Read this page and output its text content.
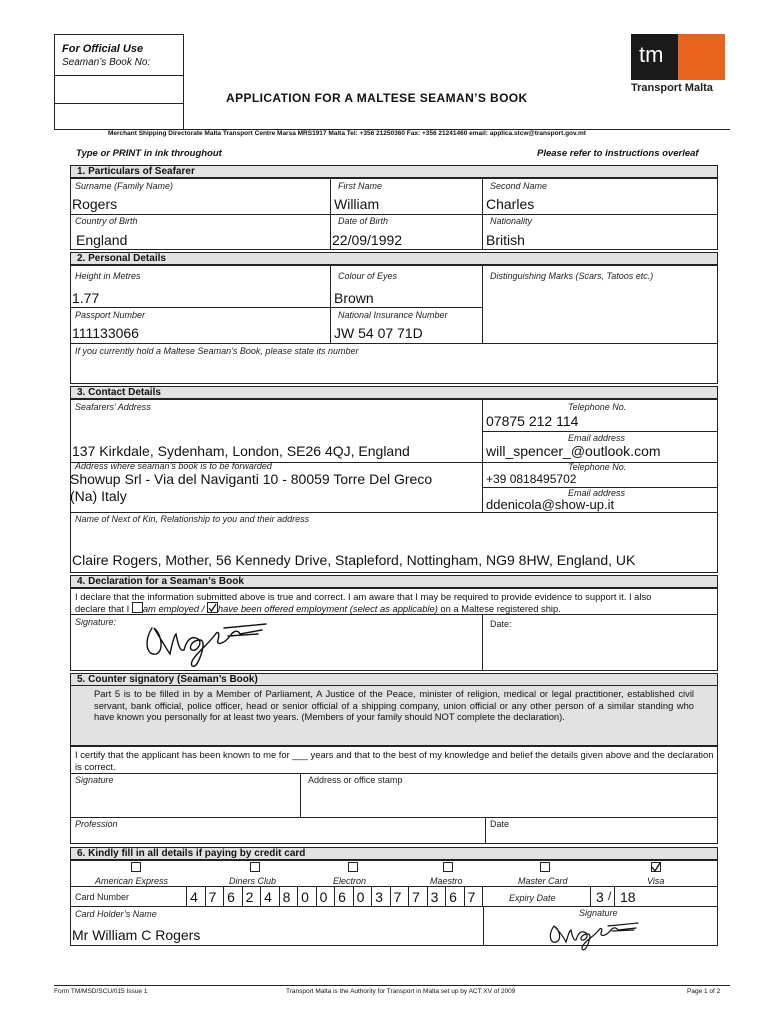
For Official Use
Seaman’s Book No:	tm
Transport Malta
APPLICATION FOR A MALTESE SEAMAN’S BOOK
Merchant Shipping Directorate Malta Transport Centre Marsa MRS1917 Malta Tel: +356 21250360 Fax: +356 21241460 email: applica.stcw@transport.gov.mt
Type or PRINT in ink throughout	Please refer to instructions overleaf
1. Particulars of Seafarer
Surname (Family Name)
Rogers
First Name
William
Second Name
Charles
Country of Birth
England
Date of Birth
22/09/1992
Nationality
British
2. Personal Details
Height in Metres
1.77
Colour of Eyes
Brown
Distinguishing Marks (Scars, Tatoos etc.)
Passport Number
111133066
National Insurance Number
JW 54 07 71D
If you currently hold a Maltese Seaman’s Book, please state its number
3. Contact Details
Seafarers’ Address
137 Kirkdale, Sydenham, London, SE26 4QJ, England
Telephone No.
07875 212 114
Email address
will_spencer_@outlook.com
Address where seaman’s book is to be forwarded
Showup Srl - Via del Naviganti 10 - 80059 Torre Del Greco
(Na) Italy
Telephone No.
+39 0818495702
Email address
ddenicola@show-up.it
Name of Next of Kin, Relationship to you and their address
Claire Rogers, Mother, 56 Kennedy Drive, Stapleford, Nottingham, NG9 8HW, England, UK
4. Declaration for a Seaman’s Book
I declare that the information submitted above is true and correct. I am aware that I may be required to provide evidence to support it. I also
declare that I am employed /
have been offered employment (select as applicable) on a Maltese registered ship.
Signature:	Date:
5. Counter signatory (Seaman’s Book)
Part 5 is to be filled in by a Member of Parliament, A Justice of the Peace, minister of religion, medical or legal practitioner, established civil servant, bank official, police officer, head or senior official of a shipping company, union official or any other person of a similar standing who have known you personally for at least two years. (Members of your family should NOT complete the declaration).
I certify that the applicant has been known to me for ___ years and that to the best of my knowledge and belief the details given above and the declaration is correct.
Signature	Address or office stamp
Profession	Date
6. Kindly fill in all details if paying by credit card
American Express	Diners Club	Electron	Maestro	Master Card	Visa
Card Number	4 7 6 2 4 8 0 0 6 0 3 7 7 3 6 7	Expiry Date	3 / 18
Card Holder’s Name
Mr William C Rogers
Signature
Form TM/MSD/SCU/015 Issue 1	Transport Malta is the Authority for Transport in Malta set up by ACT XV of 2009	Page 1 of 2
